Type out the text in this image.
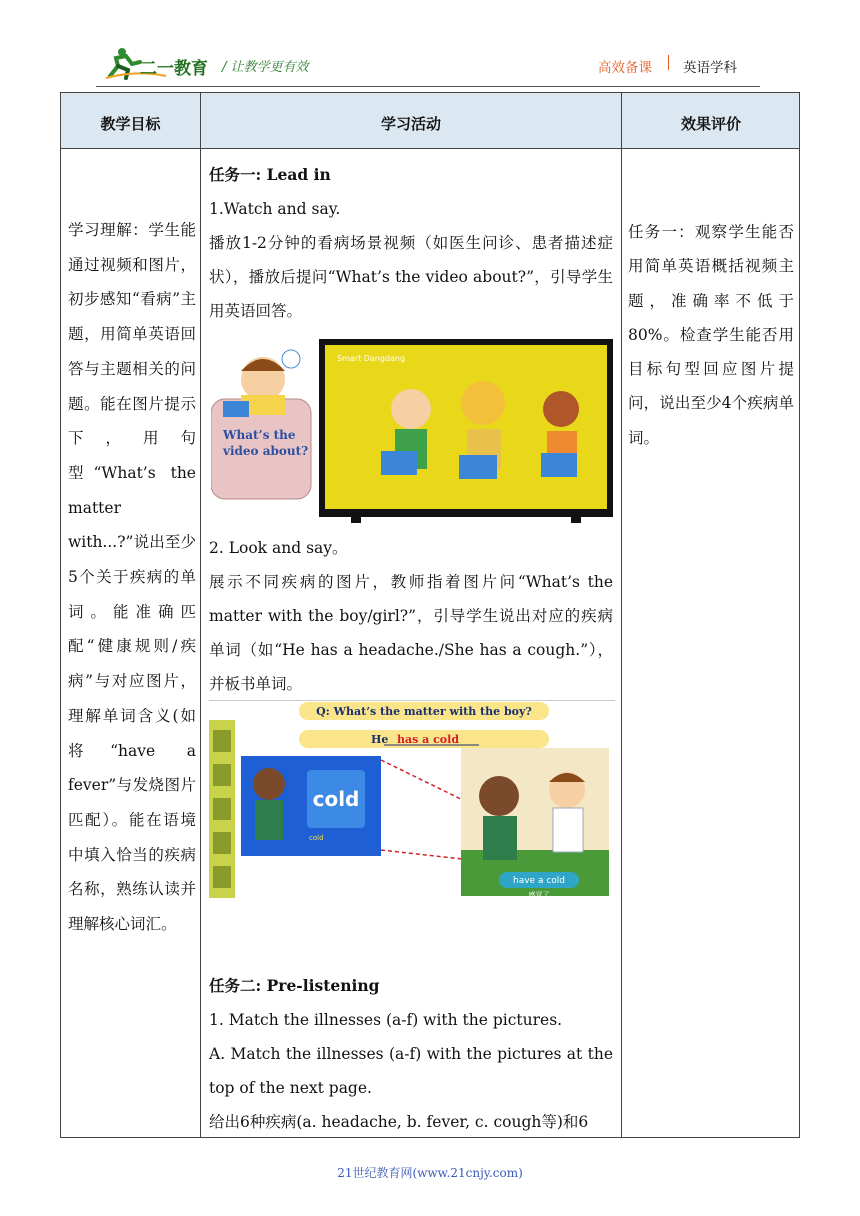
二一教育 / 让教学更有效	高效备课 英语学科
教学目标	学习活动	效果评价
学习理解：学生能通过视频和图片，初步感知“看病”主题，用简单英语回答与主题相关的问题。能在图片提示下，用句型“What’s the matter with...?”说出至少5个关于疾病的单词。能准确匹配“健康规则/疾病”与对应图片，理解单词含义(如将“have a fever”与发烧图片匹配）。能在语境中填入恰当的疾病名称，熟练认读并理解核心词汇。
任务一: Lead in
1.Watch and say.
播放1-2分钟的看病场景视频（如医生问诊、患者描述症状），播放后提问“What’s the video about?”，引导学生用英语回答。
What’s the
video about?
Smart Dangdang
2. Look and say。
展示不同疾病的图片，教师指着图片问“What’s the matter with the boy/girl?”，引导学生说出对应的疾病单词（如“He has a headache./She has a cough.”），并板书单词。
Q: What’s the matter with the boy?
He has a cold
cold
cold
have a cold
感冒了
任务二: Pre-listening
1. Match the illnesses (a-f) with the pictures.
A. Match the illnesses (a-f) with the pictures at the top of the next page.
给出6种疾病(a. headache, b. fever, c. cough等)和6
任务一：观察学生能否用简单英语概括视频主题，准确率不低于80%。检查学生能否用目标句型回应图片提问，说出至少4个疾病单词。
21世纪教育网(www.21cnjy.com)
